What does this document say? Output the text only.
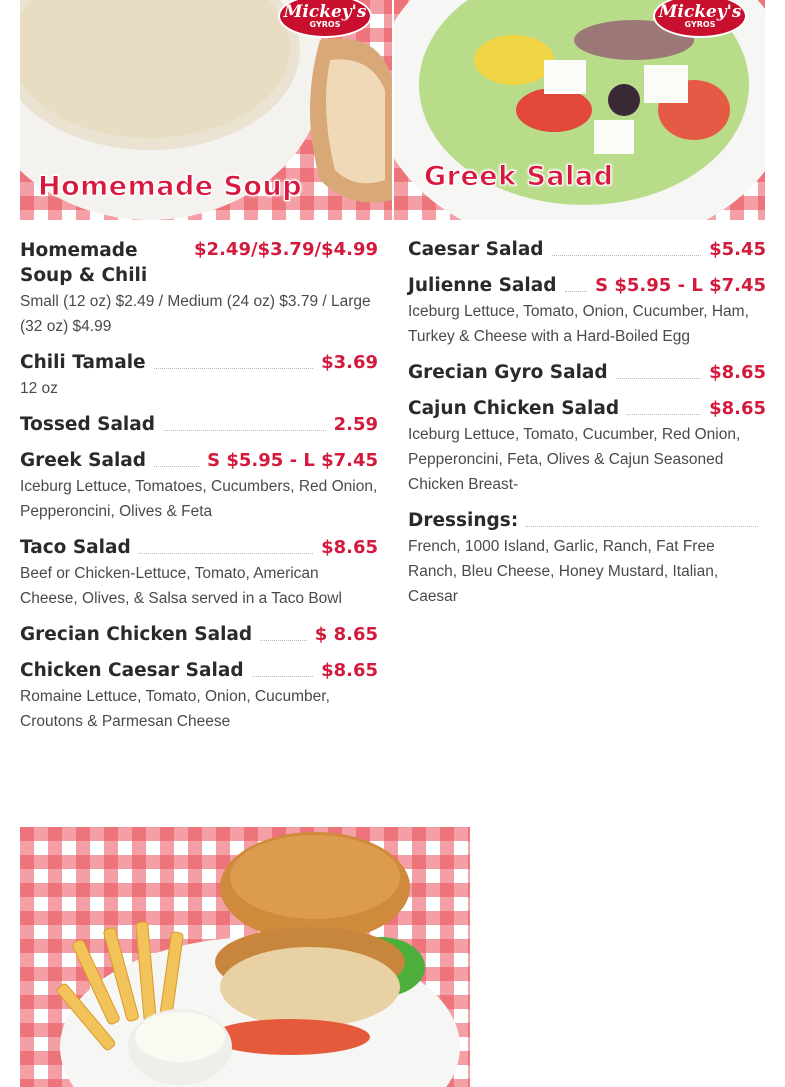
Mickey's
GYROS
Homemade Soup
Mickey's
GYROS
Greek Salad
Homemade Soup & Chili
$2.49/$3.79/$4.99
Small (12 oz) $2.49 / Medium (24 oz) $3.79 / Large (32 oz) $4.99
Chili Tamale	$3.69
12 oz
Tossed Salad	2.59
Greek Salad	S $5.95 - L $7.45
Iceburg Lettuce, Tomatoes, Cucumbers, Red Onion, Pepperoncini, Olives & Feta
Taco Salad	$8.65
Beef or Chicken-Lettuce, Tomato, American Cheese, Olives, & Salsa served in a Taco Bowl
Grecian Chicken Salad	$ 8.65
Chicken Caesar Salad	$8.65
Romaine Lettuce, Tomato, Onion, Cucumber, Croutons & Parmesan Cheese
Caesar Salad	$5.45
Julienne Salad S $5.95 - L $7.45
Iceburg Lettuce, Tomato, Onion, Cucumber, Ham, Turkey & Cheese with a Hard-Boiled Egg
Grecian Gyro Salad	$8.65
Cajun Chicken Salad	$8.65
Iceburg Lettuce, Tomato, Cucumber, Red Onion, Pepperoncini, Feta, Olives & Cajun Seasoned Chicken Breast-
Dressings:
French, 1000 Island, Garlic, Ranch, Fat Free Ranch, Bleu Cheese, Honey Mustard, Italian, Caesar
